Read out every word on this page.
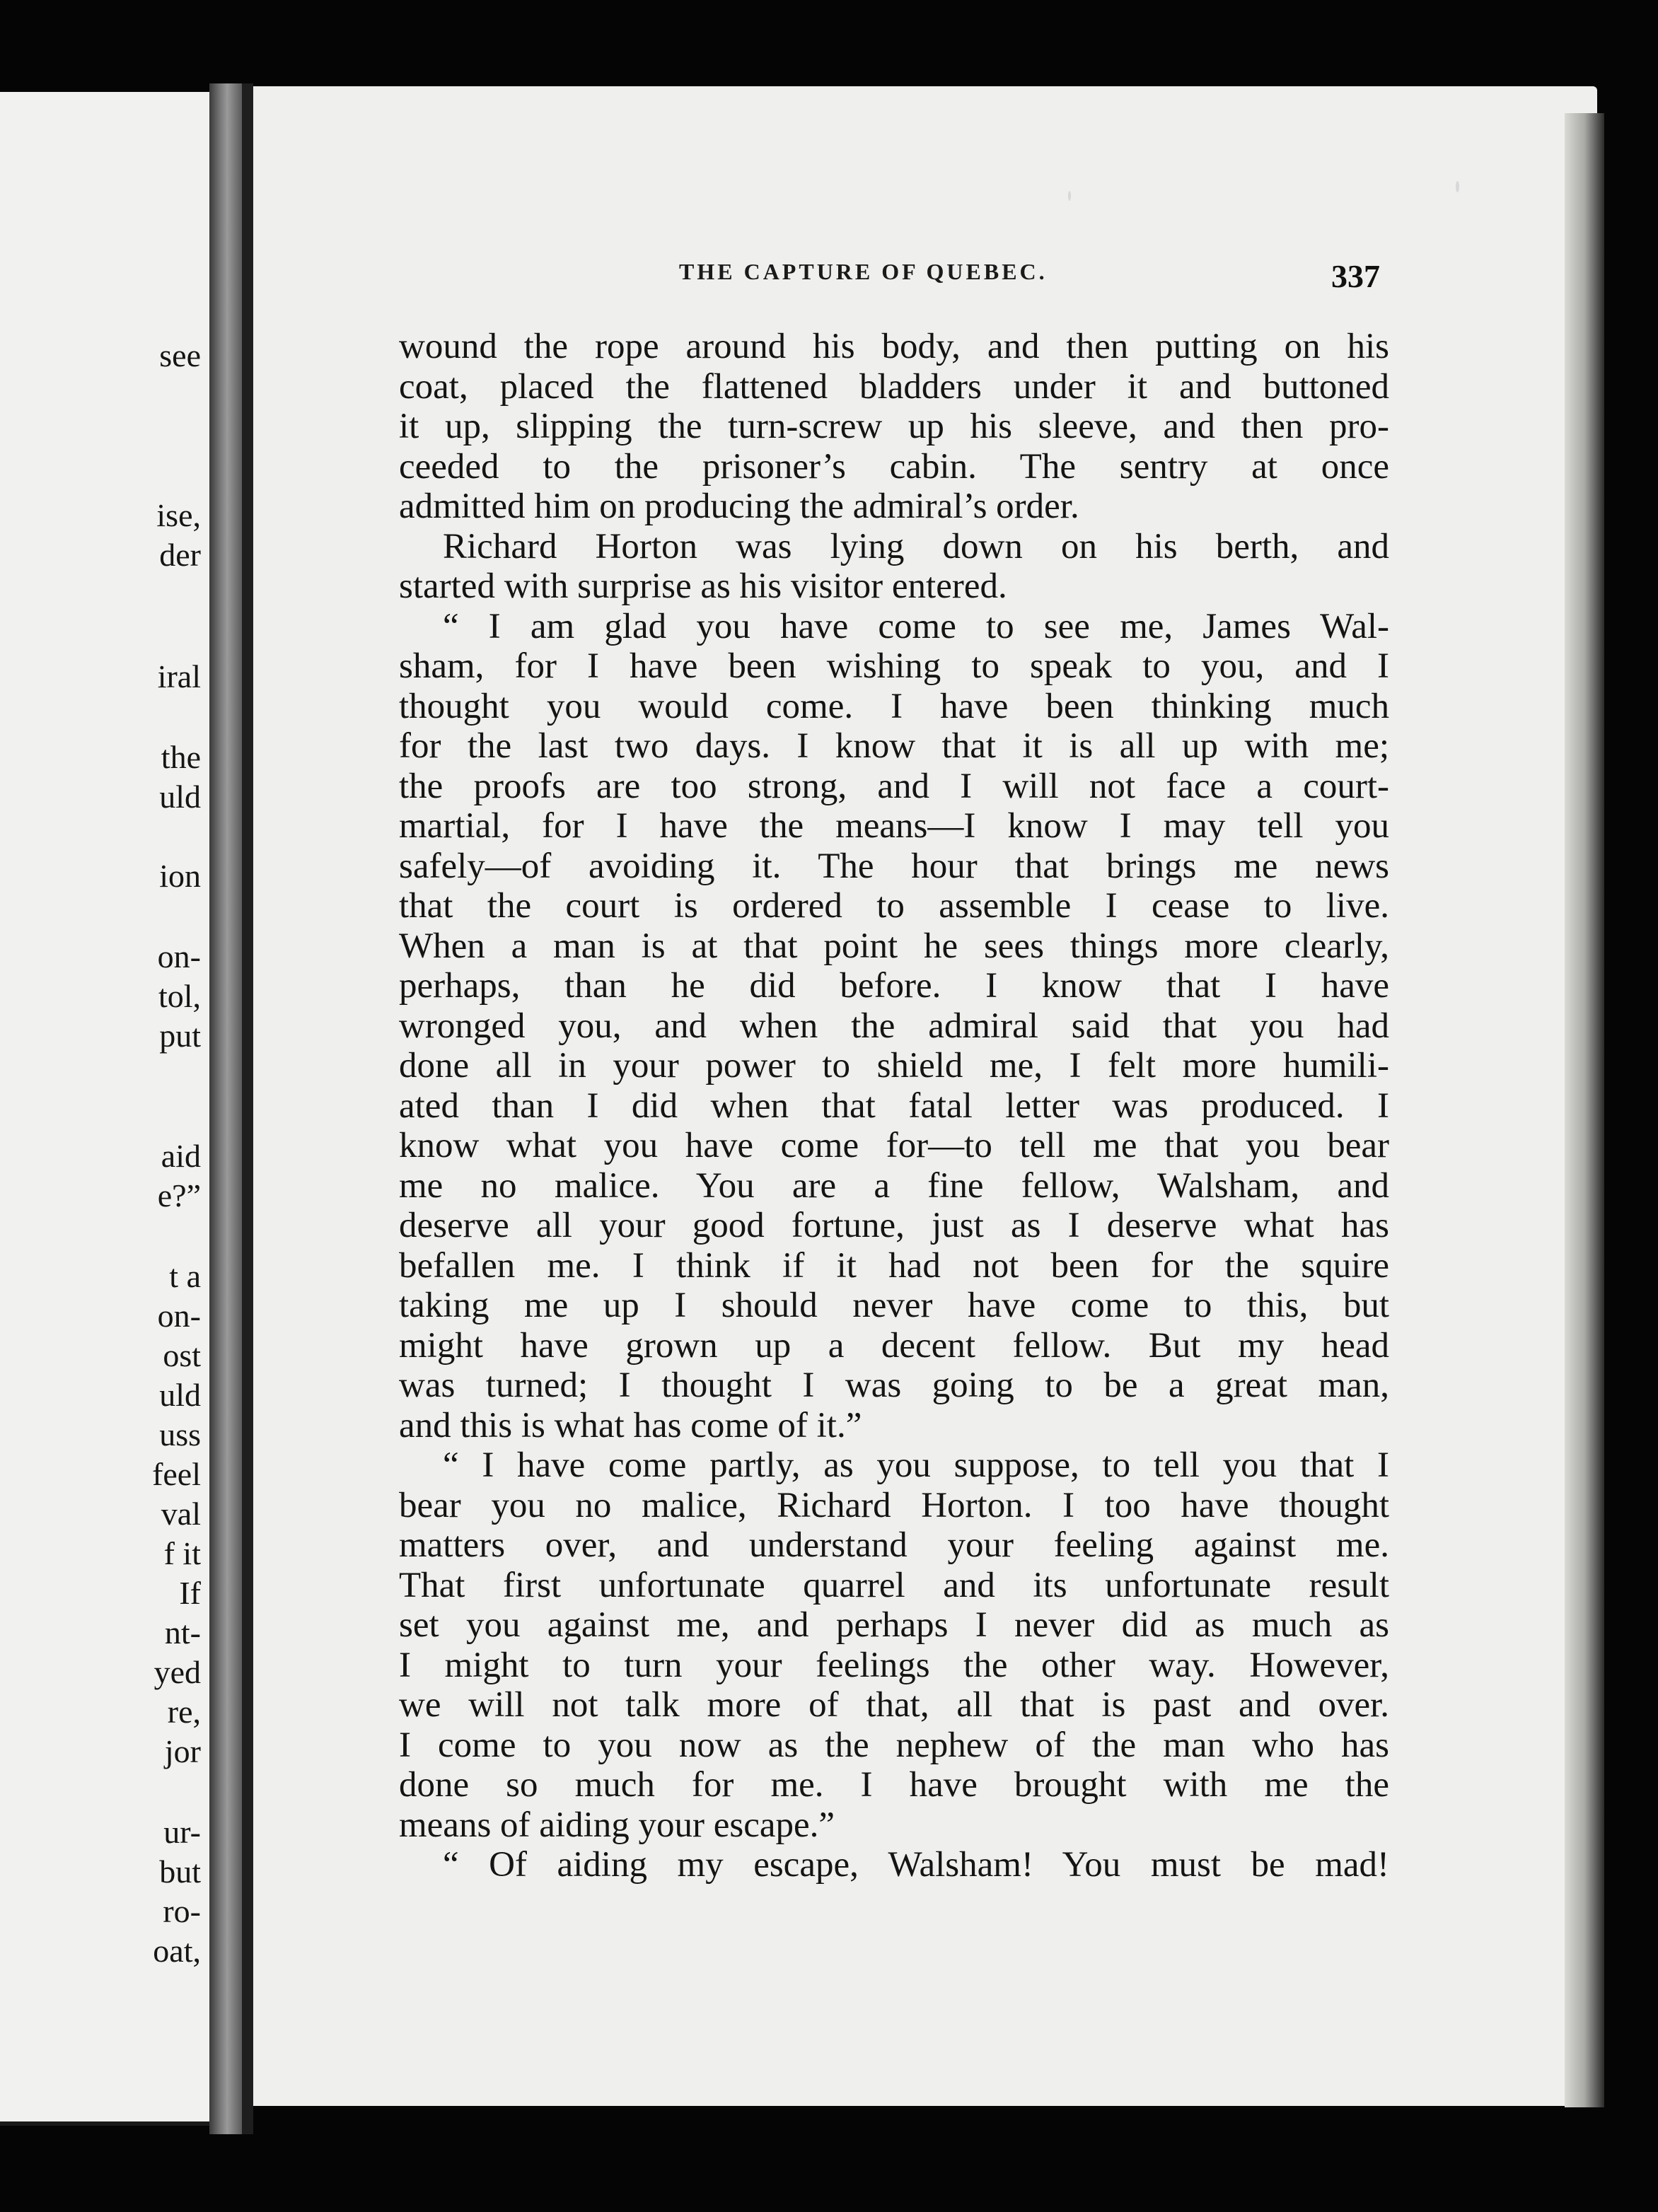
see
ise,
der
iral
the
uld
ion
on-
tol,
put
aid
e?”
t a
on-
ost
uld
uss
feel
val
f it
If
nt-
yed
re,
jor
ur-
but
ro-
oat,
THE CAPTURE OF QUEBEC.	337
wound the rope around his body, and then putting on his
coat, placed the flattened bladders under it and buttoned
it up, slipping the turn-screw up his sleeve, and then pro-
ceeded to the prisoner’s cabin. The sentry at once
admitted him on producing the admiral’s order.
Richard Horton was lying down on his berth, and
started with surprise as his visitor entered.
“ I am glad you have come to see me, James Wal-
sham, for I have been wishing to speak to you, and I
thought you would come. I have been thinking much
for the last two days. I know that it is all up with me;
the proofs are too strong, and I will not face a court-
martial, for I have the means—I know I may tell you
safely—of avoiding it. The hour that brings me news
that the court is ordered to assemble I cease to live.
When a man is at that point he sees things more clearly,
perhaps, than he did before. I know that I have
wronged you, and when the admiral said that you had
done all in your power to shield me, I felt more humili-
ated than I did when that fatal letter was produced. I
know what you have come for—to tell me that you bear
me no malice. You are a fine fellow, Walsham, and
deserve all your good fortune, just as I deserve what has
befallen me. I think if it had not been for the squire
taking me up I should never have come to this, but
might have grown up a decent fellow. But my head
was turned; I thought I was going to be a great man,
and this is what has come of it.”
“ I have come partly, as you suppose, to tell you that I
bear you no malice, Richard Horton. I too have thought
matters over, and understand your feeling against me.
That first unfortunate quarrel and its unfortunate result
set you against me, and perhaps I never did as much as
I might to turn your feelings the other way. However,
we will not talk more of that, all that is past and over.
I come to you now as the nephew of the man who has
done so much for me. I have brought with me the
means of aiding your escape.”
“ Of aiding my escape, Walsham! You must be mad!
